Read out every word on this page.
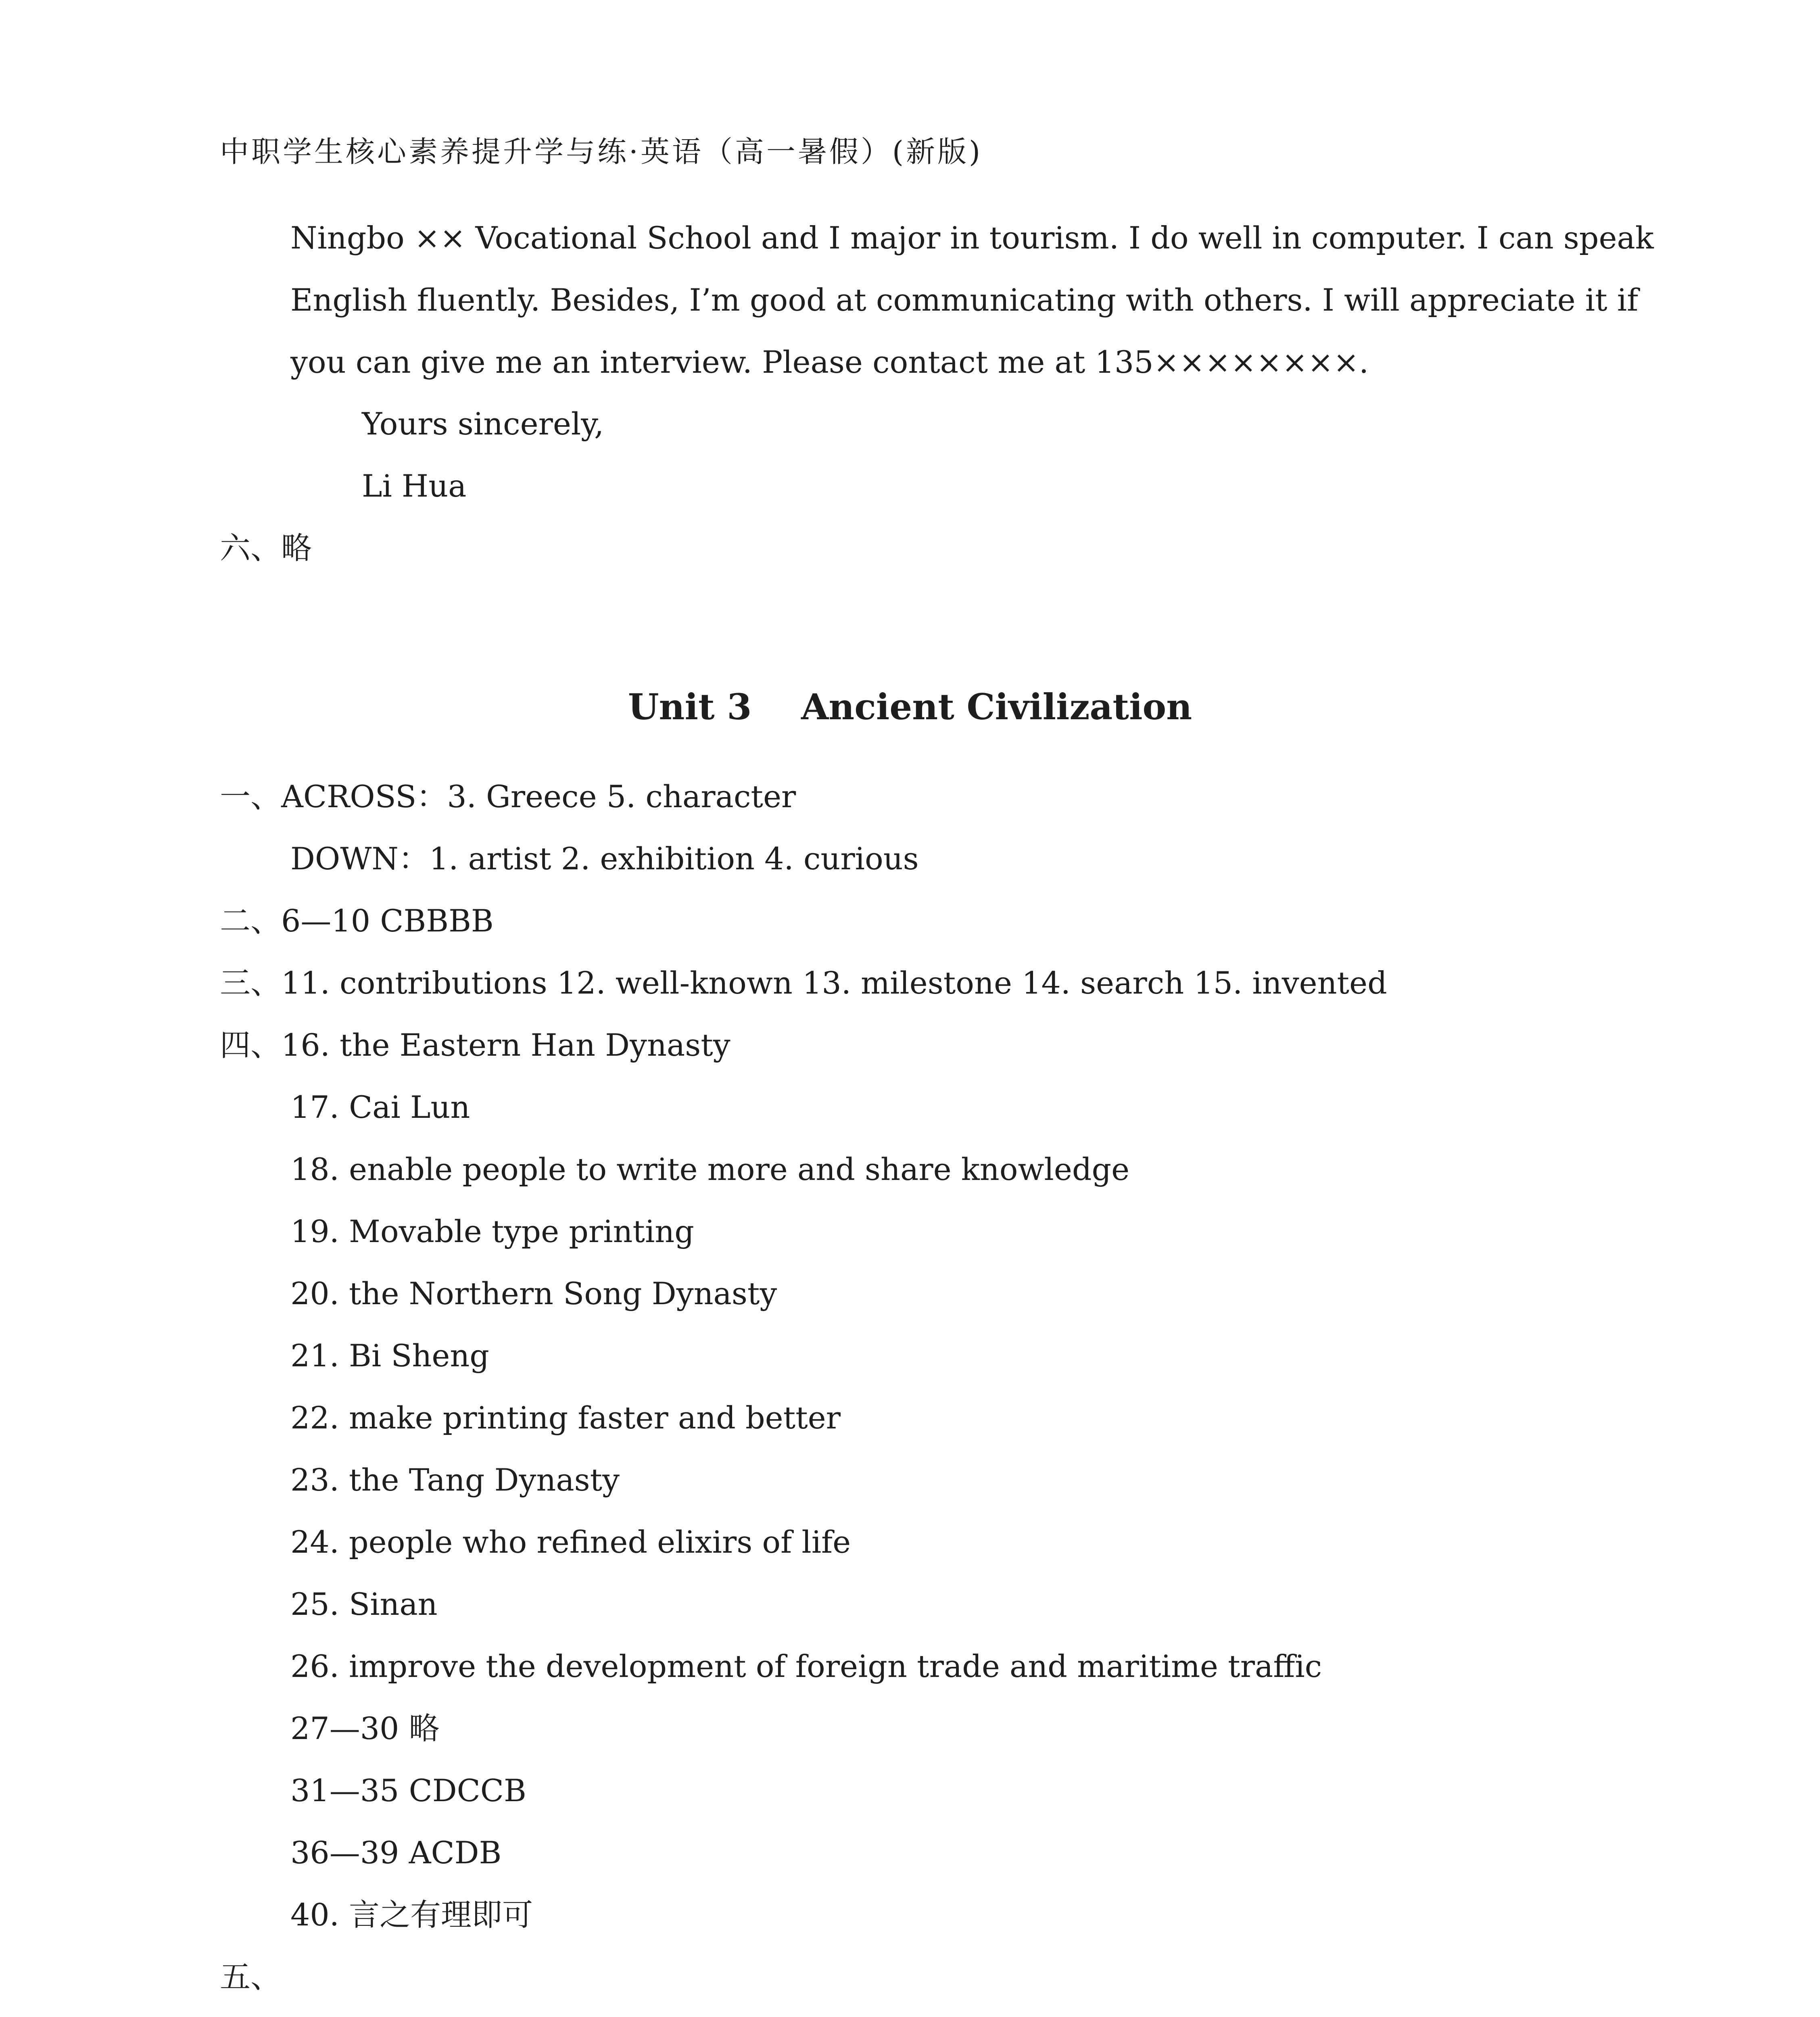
中职学生核心素养提升学与练·英语（高一暑假）(新版)

Ningbo ×× Vocational School and I major in tourism. I do well in computer. I can speak

English fluently. Besides, I’m good at communicating with others. I will appreciate it if

you can give me an interview. Please contact me at 135××××××××.

Yours sincerely,

Li Hua

六、略

Unit 3    Ancient Civilization

一、ACROSS：3. Greece 5. character

DOWN：1. artist 2. exhibition 4. curious

二、6—10 CBBBB

三、11. contributions 12. well-known 13. milestone 14. search 15. invented

四、16. the Eastern Han Dynasty

17. Cai Lun

18. enable people to write more and share knowledge

19. Movable type printing

20. the Northern Song Dynasty

21. Bi Sheng

22. make printing faster and better

23. the Tang Dynasty

24. people who refined elixirs of life

25. Sinan

26. improve the development of foreign trade and maritime traffic

27—30 略

31—35 CDCCB

36—39 ACDB

40. 言之有理即可

五、
